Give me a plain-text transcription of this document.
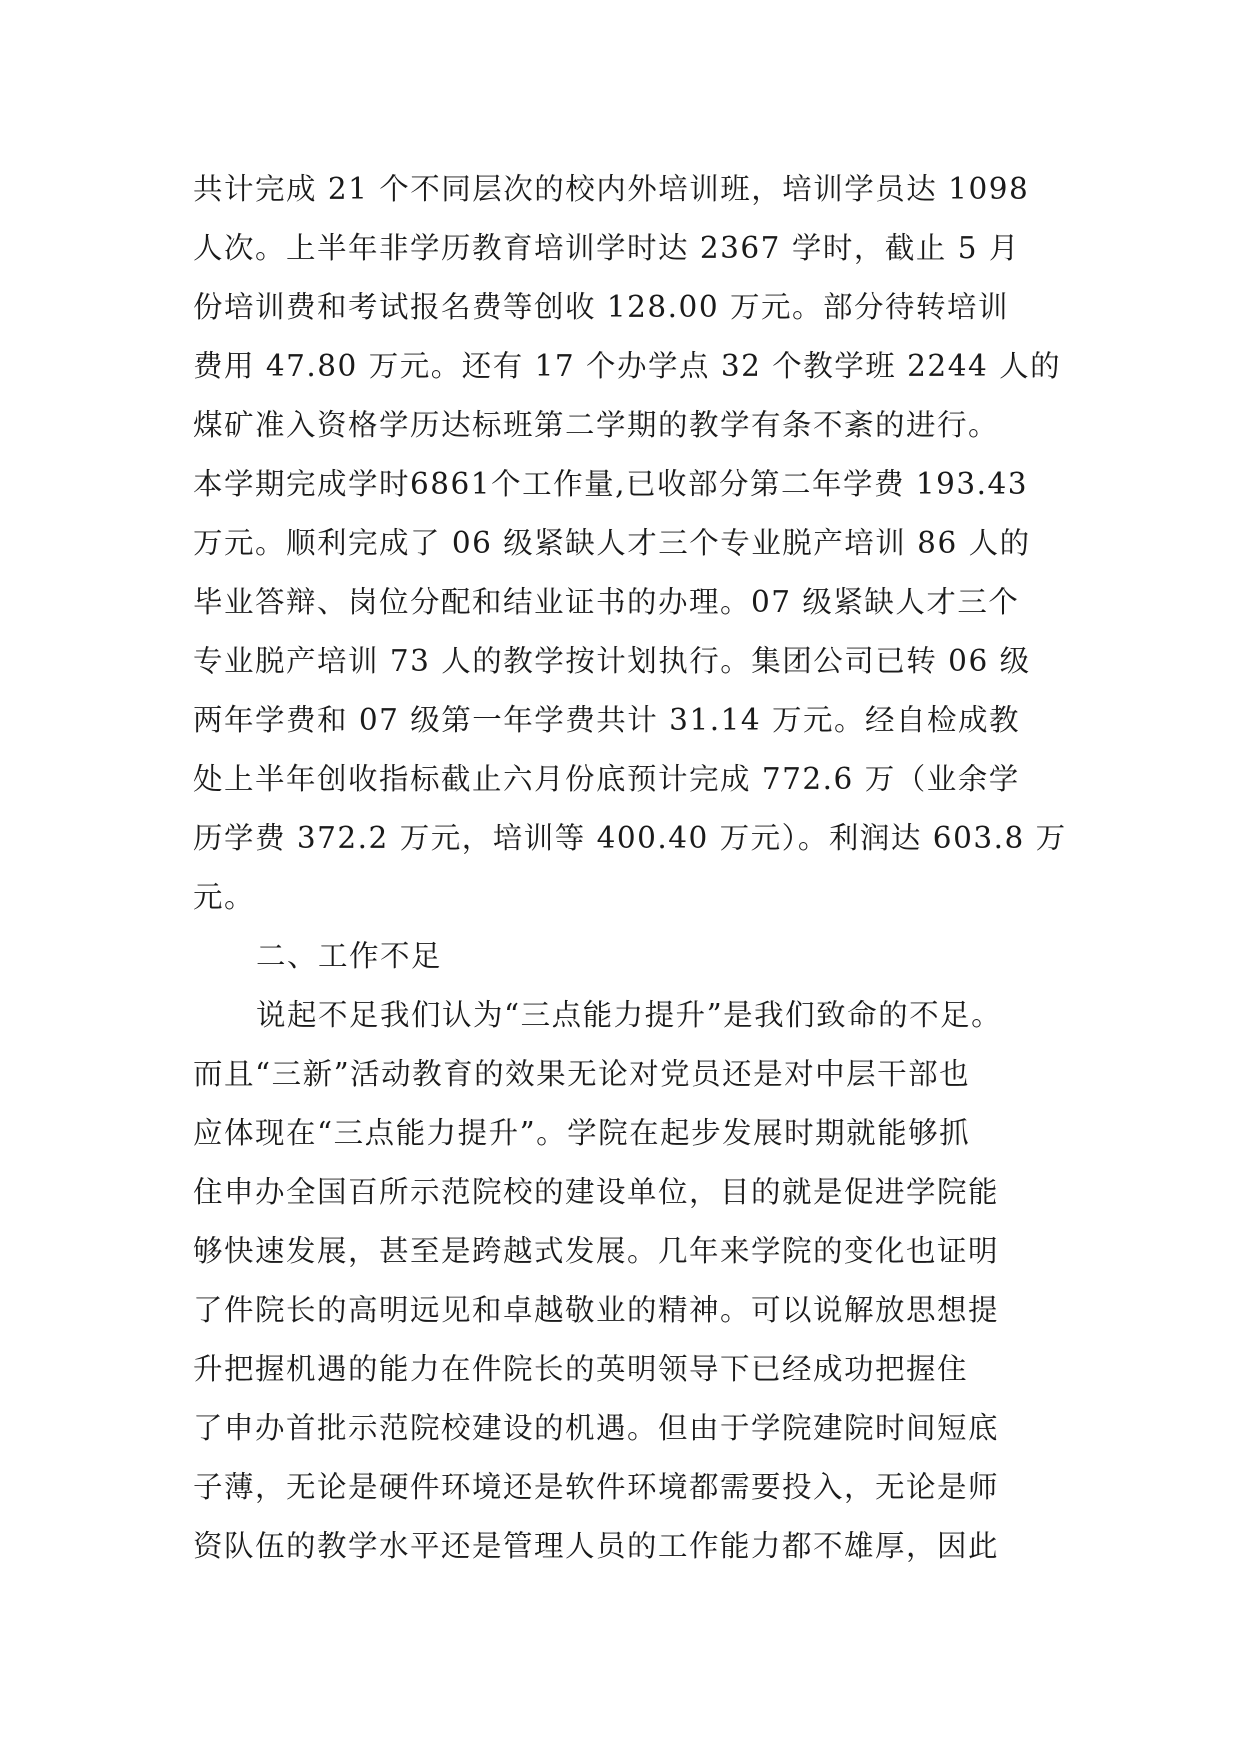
共计完成 21 个不同层次的校内外培训班，培训学员达 1098
人次。上半年非学历教育培训学时达 2367 学时，截止 5 月
份培训费和考试报名费等创收 128.00 万元。部分待转培训
费用 47.80 万元。还有 17 个办学点 32 个教学班 2244 人的
煤矿准入资格学历达标班第二学期的教学有条不紊的进行。
本学期完成学时6861个工作量,已收部分第二年学费 193.43
万元。顺利完成了 06 级紧缺人才三个专业脱产培训 86 人的
毕业答辩、岗位分配和结业证书的办理。07 级紧缺人才三个
专业脱产培训 73 人的教学按计划执行。集团公司已转 06 级
两年学费和 07 级第一年学费共计 31.14 万元。经自检成教
处上半年创收指标截止六月份底预计完成 772.6 万（业余学
历学费 372.2 万元，培训等 400.40 万元）。利润达 603.8 万
元。
二、工作不足
说起不足我们认为“三点能力提升”是我们致命的不足。
而且“三新”活动教育的效果无论对党员还是对中层干部也
应体现在“三点能力提升”。学院在起步发展时期就能够抓
住申办全国百所示范院校的建设单位，目的就是促进学院能
够快速发展，甚至是跨越式发展。几年来学院的变化也证明
了件院长的高明远见和卓越敬业的精神。可以说解放思想提
升把握机遇的能力在件院长的英明领导下已经成功把握住
了申办首批示范院校建设的机遇。但由于学院建院时间短底
子薄，无论是硬件环境还是软件环境都需要投入，无论是师
资队伍的教学水平还是管理人员的工作能力都不雄厚，因此
